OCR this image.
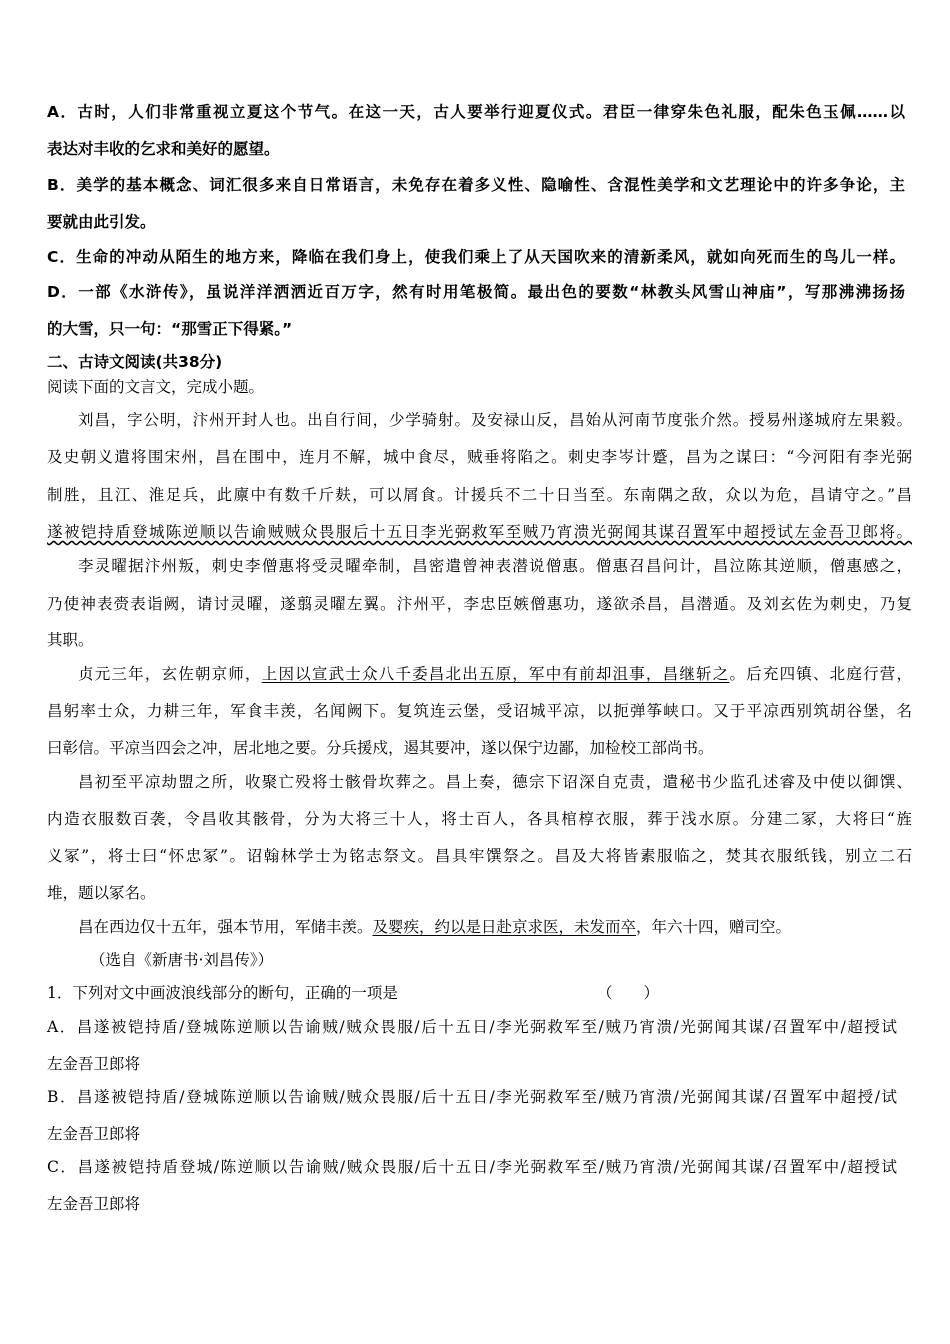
A．古时，人们非常重视立夏这个节气。在这一天，古人要举行迎夏仪式。君臣一律穿朱色礼服，配朱色玉佩……以
表达对丰收的乞求和美好的愿望。
B．美学的基本概念、词汇很多来自日常语言，未免存在着多义性、隐喻性、含混性美学和文艺理论中的许多争论，主
要就由此引发。
C．生命的冲动从陌生的地方来，降临在我们身上，使我们乘上了从天国吹来的清新柔风，就如向死而生的鸟儿一样。
D．一部《水浒传》，虽说洋洋洒洒近百万字，然有时用笔极简。最出色的要数“林教头风雪山神庙”，写那沸沸扬扬
的大雪，只一句：“那雪正下得紧。”
二、古诗文阅读(共38分)
阅读下面的文言文，完成小题。
刘昌，字公明，汴州开封人也。出自行间，少学骑射。及安禄山反，昌始从河南节度张介然。授易州遂城府左果毅。
及史朝义遣将围宋州，昌在围中，连月不解，城中食尽，贼垂将陷之。刺史李岑计蹙，昌为之谋曰：“今河阳有李光弼
制胜，且江、淮足兵，此廪中有数千斤麸，可以屑食。计援兵不二十日当至。东南隅之敌，众以为危，昌请守之。”昌
遂被铠持盾登城陈逆顺以告谕贼贼众畏服后十五日李光弼救军至贼乃宵溃光弼闻其谋召置军中超授试左金吾卫郎将。
李灵曜据汴州叛，刺史李僧惠将受灵曜牵制，昌密遣曾神表潜说僧惠。僧惠召昌问计，昌泣陈其逆顺，僧惠感之，
乃使神表赍表诣阙，请讨灵曜，遂翦灵曜左翼。汴州平，李忠臣嫉僧惠功，遂欲杀昌，昌潜遁。及刘玄佐为刺史，乃复
其职。
贞元三年，玄佐朝京师，上因以宣武士众八千委昌北出五原，军中有前却沮事，昌继斩之。后充四镇、北庭行营，
昌躬率士众，力耕三年，军食丰羡，名闻阙下。复筑连云堡，受诏城平凉，以扼弹筝峡口。又于平凉西别筑胡谷堡，名
曰彰信。平凉当四会之冲，居北地之要。分兵援戍，遏其要冲，遂以保宁边鄙，加检校工部尚书。
昌初至平凉劫盟之所，收聚亡殁将士骸骨坎葬之。昌上奏，德宗下诏深自克责，遣秘书少监孔述睿及中使以御馔、
内造衣服数百袭，令昌收其骸骨，分为大将三十人，将士百人，各具棺椁衣服，葬于浅水原。分建二冢，大将曰“旌
义冢”，将士曰“怀忠冢”。诏翰林学士为铭志祭文。昌具牢馔祭之。昌及大将皆素服临之，焚其衣服纸钱，别立二石
堆，题以冢名。
昌在西边仅十五年，强本节用，军储丰羡。及婴疾，约以是日赴京求医，未发而卒，年六十四，赠司空。
（选自《新唐书·刘昌传》）
1．下列对文中画波浪线部分的断句，正确的一项是	（　　）
A．昌遂被铠持盾/登城陈逆顺以告谕贼/贼众畏服/后十五日/李光弼救军至/贼乃宵溃/光弼闻其谋/召置军中/超授试
左金吾卫郎将
B．昌遂被铠持盾/登城陈逆顺以告谕贼/贼众畏服/后十五日/李光弼救军至/贼乃宵溃/光弼闻其谋/召置军中超授/试
左金吾卫郎将
C．昌遂被铠持盾登城/陈逆顺以告谕贼/贼众畏服/后十五日/李光弼救军至/贼乃宵溃/光弼闻其谋/召置军中/超授试
左金吾卫郎将
